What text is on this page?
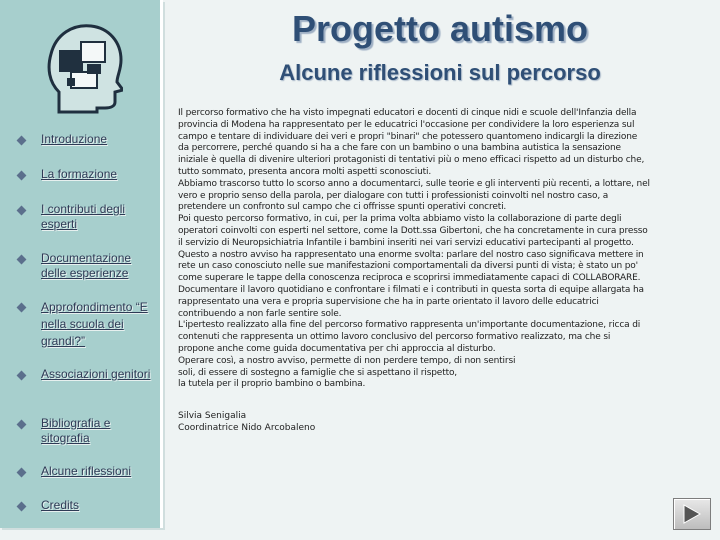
Introduzione
La formazione
I contributi degli esperti
Documentazione delle esperienze
Approfondimento “E nella scuola dei grandi?”
Associazioni genitori
Bibliografia e sitografia
Alcune riflessioni
Credits
Progetto autismo
Alcune riflessioni sul percorso

Il percorso formativo che ha visto impegnati educatori e docenti di cinque nidi e scuole dell'Infanzia della
provincia di Modena ha rappresentato per le educatrici l'occasione per condividere la loro esperienza sul
campo e tentare di individuare dei veri e propri "binari" che potessero quantomeno indicargli la direzione
da percorrere, perché quando si ha a che fare con un bambino o una bambina autistica la sensazione
iniziale è quella di divenire ulteriori protagonisti di tentativi più o meno efficaci rispetto ad un disturbo che,
tutto sommato, presenta ancora molti aspetti sconosciuti.
Abbiamo trascorso tutto lo scorso anno a documentarci, sulle teorie e gli interventi più recenti, a lottare, nel
vero e proprio senso della parola, per dialogare con tutti i professionisti coinvolti nel nostro caso, a
pretendere un confronto sul campo che ci offrisse spunti operativi concreti.
Poi questo percorso formativo, in cui, per la prima volta abbiamo visto la collaborazione di parte degli
operatori coinvolti con esperti nel settore, come la Dott.ssa Gibertoni, che ha concretamente in cura presso
il servizio di Neuropsichiatria Infantile i bambini inseriti nei vari servizi educativi partecipanti al progetto.
Questo a nostro avviso ha rappresentato una enorme svolta: parlare del nostro caso significava mettere in
rete un caso conosciuto nelle sue manifestazioni comportamentali da diversi punti di vista; è stato un po'
come superare le tappe della conoscenza reciproca e scoprirsi immediatamente capaci di COLLABORARE.
Documentare il lavoro quotidiano e confrontare i filmati e i contributi in questa sorta di equipe allargata ha
rappresentato una vera e propria supervisione che ha in parte orientato il lavoro delle educatrici
contribuendo a non farle sentire sole.
L'ipertesto realizzato alla fine del percorso formativo rappresenta un'importante documentazione, ricca di
contenuti che rappresenta un ottimo lavoro conclusivo del percorso formativo realizzato, ma che si
propone anche come guida documentativa per chi approccia al disturbo.
Operare così, a nostro avviso, permette di non perdere tempo, di non sentirsi
soli, di essere di sostegno a famiglie che si aspettano il rispetto,
la tutela per il proprio bambino o bambina.

Silvia Senigalia
Coordinatrice Nido Arcobaleno
